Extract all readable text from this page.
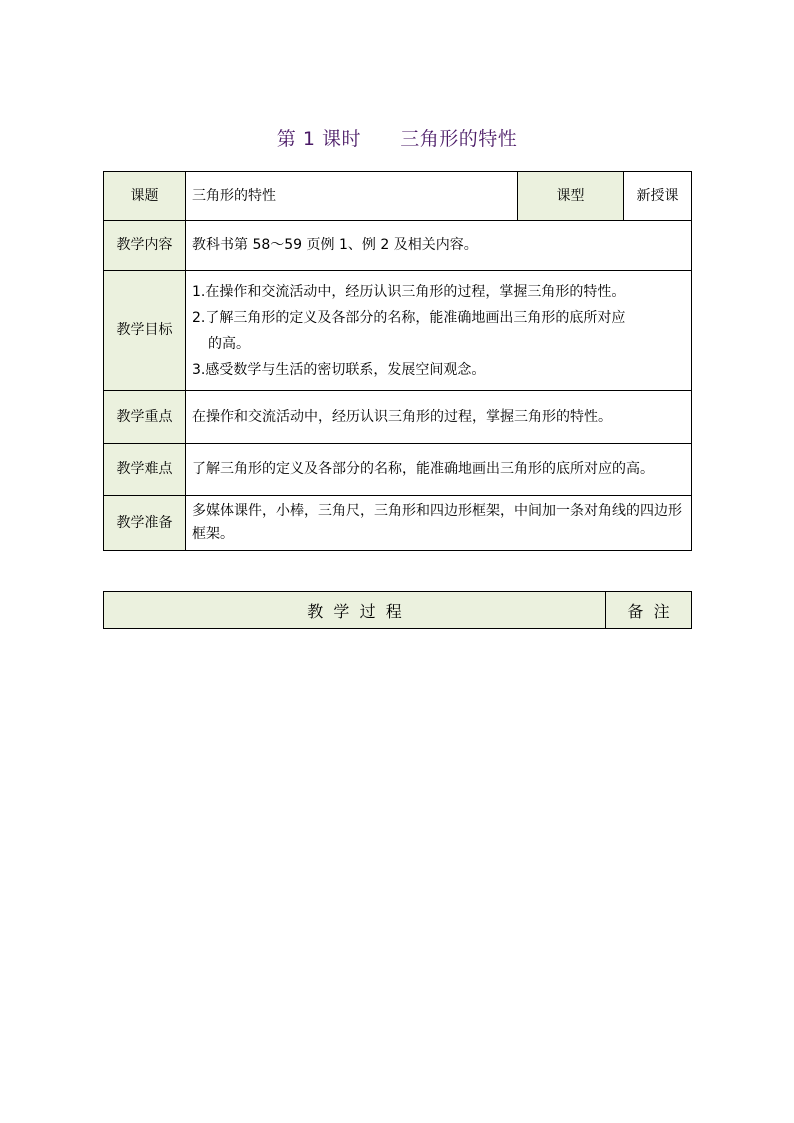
第 1 课时      三角形的特性
课题	三角形的特性	课型	新授课
教学内容	教科书第 58～59 页例 1、例 2 及相关内容。		
教学目标	1.在操作和交流活动中，经历认识三角形的过程，掌握三角形的特性。
2.了解三角形的定义及各部分的名称，能准确地画出三角形的底所对应
的高。
3.感受数学与生活的密切联系，发展空间观念。		

教学重点	在操作和交流活动中，经历认识三角形的过程，掌握三角形的特性。		
教学难点	了解三角形的定义及各部分的名称，能准确地画出三角形的底所对应的高。		
教学准备	多媒体课件，小棒，三角尺，三角形和四边形框架，中间加一条对角线的四边形框架。		
教  学  过  程	备  注
